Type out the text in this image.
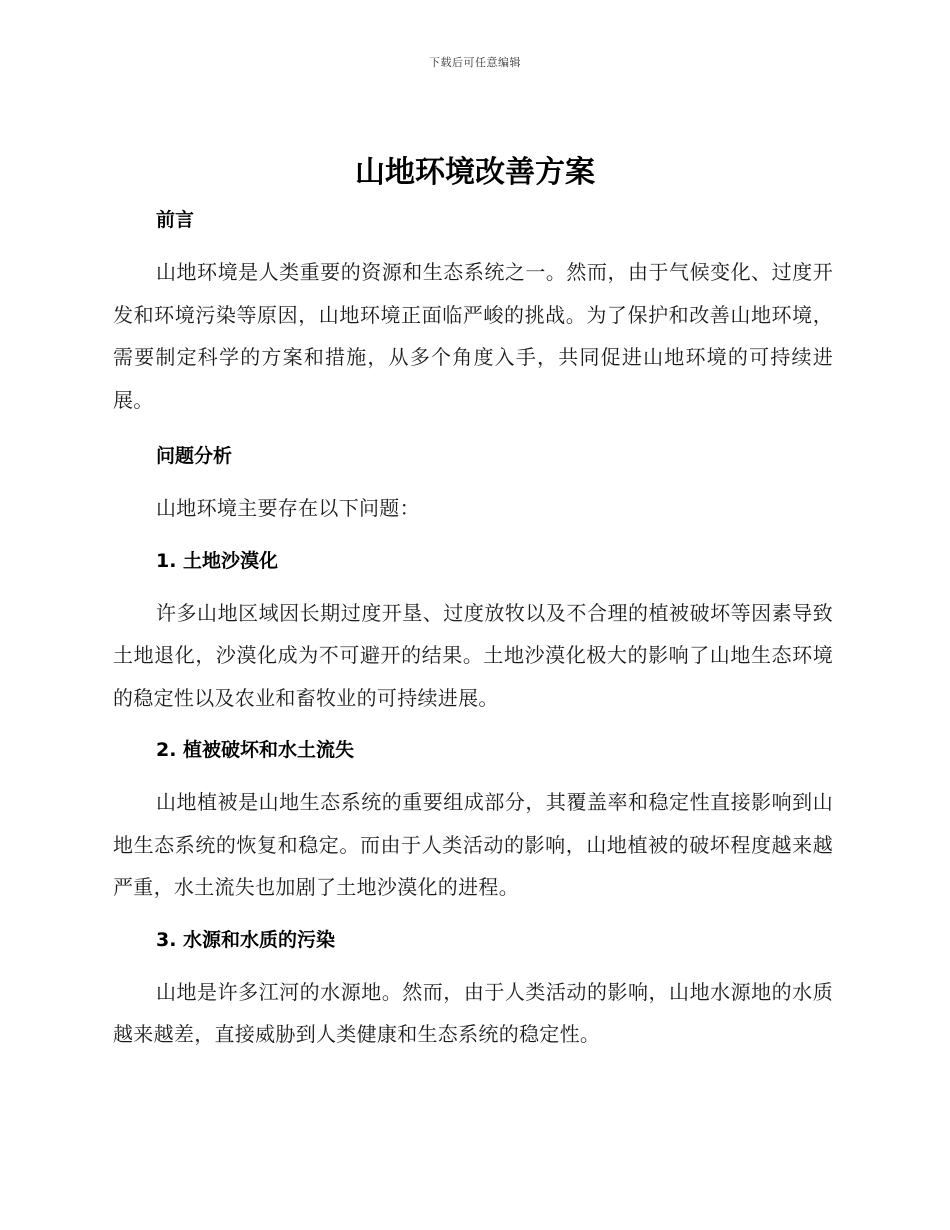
下载后可任意编辑
山地环境改善方案
前言

山地环境是人类重要的资源和生态系统之一。然而，由于气候变化、过度开发和环境污染等原因，山地环境正面临严峻的挑战。为了保护和改善山地环境，需要制定科学的方案和措施，从多个角度入手，共同促进山地环境的可持续进展。

问题分析

山地环境主要存在以下问题：

1. 土地沙漠化

许多山地区域因长期过度开垦、过度放牧以及不合理的植被破坏等因素导致土地退化，沙漠化成为不可避开的结果。土地沙漠化极大的影响了山地生态环境的稳定性以及农业和畜牧业的可持续进展。

2. 植被破坏和水土流失

山地植被是山地生态系统的重要组成部分，其覆盖率和稳定性直接影响到山地生态系统的恢复和稳定。而由于人类活动的影响，山地植被的破坏程度越来越严重，水土流失也加剧了土地沙漠化的进程。

3. 水源和水质的污染

山地是许多江河的水源地。然而，由于人类活动的影响，山地水源地的水质越来越差，直接威胁到人类健康和生态系统的稳定性。
